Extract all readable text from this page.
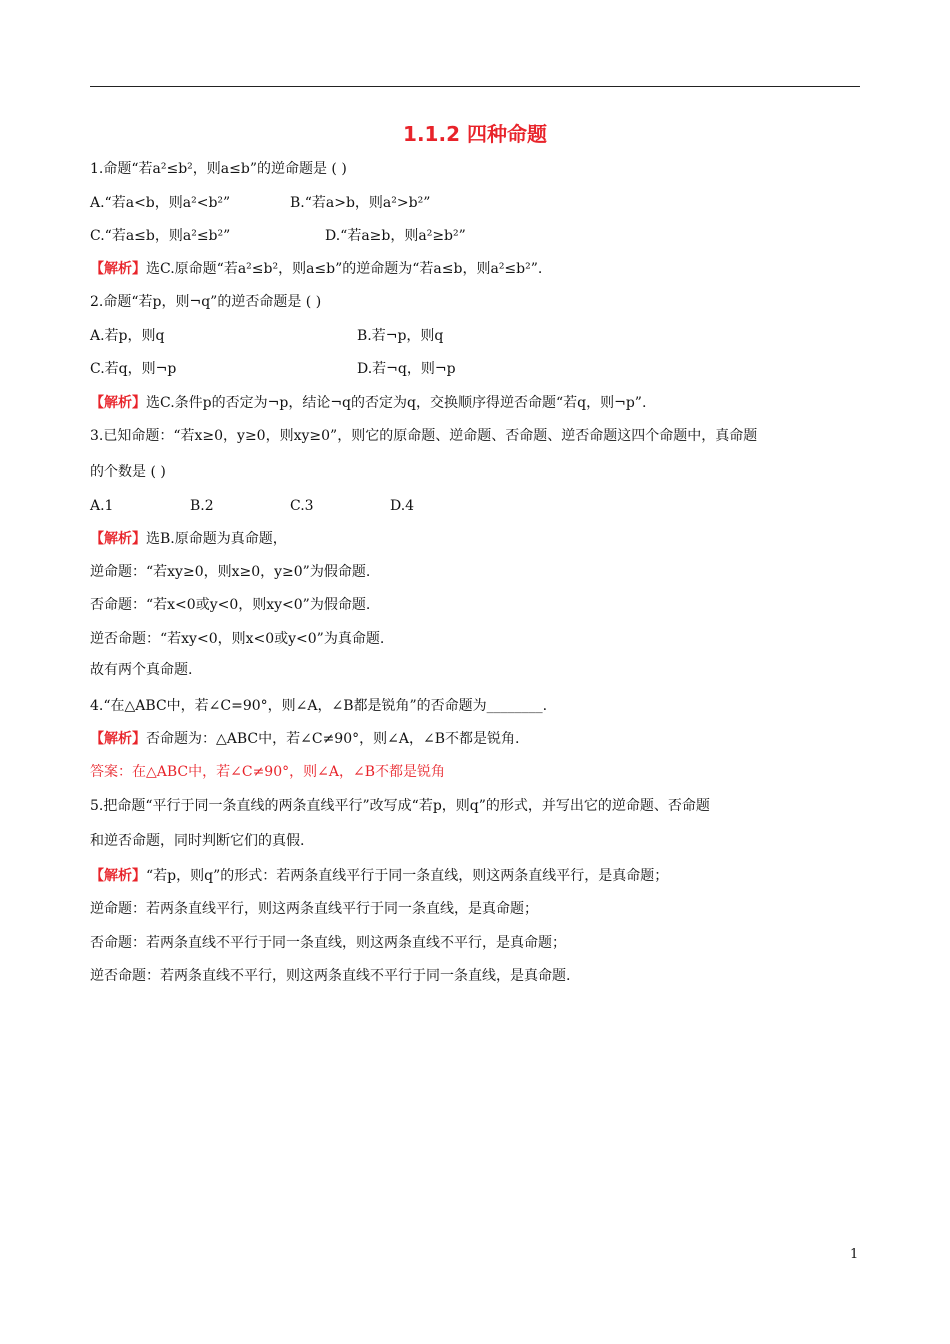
1.1.2 四种命题
1.命题“若a²≤b²，则a≤b”的逆命题是 ( )
A.“若a<b，则a²<b²”	B.“若a>b，则a²>b²”
C.“若a≤b，则a²≤b²”	D.“若a≥b，则a²≥b²”
【解析】选C.原命题“若a²≤b²，则a≤b”的逆命题为“若a≤b，则a²≤b²”.
2.命题“若p，则¬q”的逆否命题是 ( )
A.若p，则q	B.若¬p，则q
C.若q，则¬p	D.若¬q，则¬p
【解析】选C.条件p的否定为¬p，结论¬q的否定为q，交换顺序得逆否命题“若q，则¬p”.
3.已知命题：“若x≥0，y≥0，则xy≥0”，则它的原命题、逆命题、否命题、逆否命题这四个命题中，真命题
的个数是 ( )
A.1	B.2	C.3	D.4
【解析】选B.原命题为真命题，
逆命题：“若xy≥0，则x≥0，y≥0”为假命题.
否命题：“若x<0或y<0，则xy<0”为假命题.
逆否命题：“若xy<0，则x<0或y<0”为真命题.
故有两个真命题.
4.“在△ABC中，若∠C=90°，则∠A，∠B都是锐角”的否命题为________.
【解析】否命题为：△ABC中，若∠C≠90°，则∠A，∠B不都是锐角.
答案：在△ABC中，若∠C≠90°，则∠A，∠B不都是锐角
5.把命题“平行于同一条直线的两条直线平行”改写成“若p，则q”的形式，并写出它的逆命题、否命题
和逆否命题，同时判断它们的真假.
【解析】“若p，则q”的形式：若两条直线平行于同一条直线，则这两条直线平行，是真命题；
逆命题：若两条直线平行，则这两条直线平行于同一条直线，是真命题；
否命题：若两条直线不平行于同一条直线，则这两条直线不平行，是真命题；
逆否命题：若两条直线不平行，则这两条直线不平行于同一条直线，是真命题.
1
